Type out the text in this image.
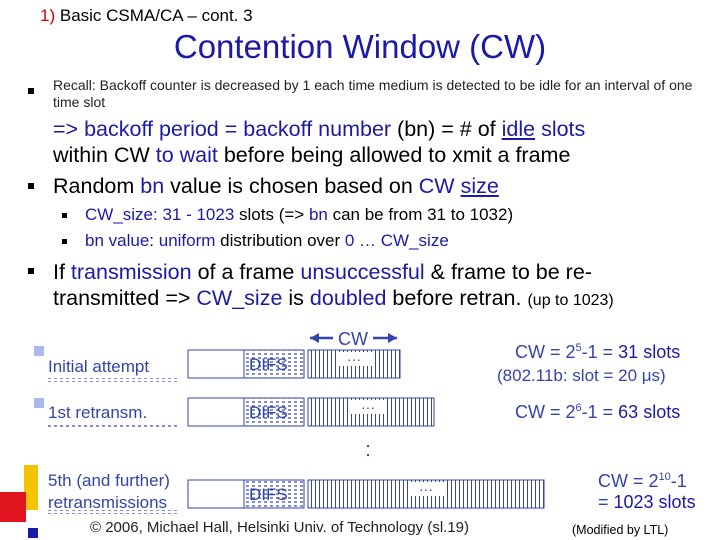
1) Basic CSMA/CA – cont. 3
Contention Window (CW)
Recall: Backoff counter is decreased by 1 each time medium is detected to be idle for an interval of one time slot
=> backoff period = backoff number (bn) = # of idle slots
within CW to wait before being allowed to xmit a frame
Random bn value is chosen based on CW size
CW_size: 31 - 1023 slots (=> bn can be from 31 to 1032)
bn value: uniform distribution over 0 … CW_size
If transmission of a frame unsuccessful & frame to be re-
transmitted => CW_size is doubled before retran. (up to 1023)
CW
Initial attempt	DIFS	···
1st retransm.	DIFS	···
:
5th (and further)
retransmissions	DIFS	···
CW = $2^5-1 = 31$ slots
(802.11b: slot = 20 μs)
CW = $2^6-1 = 63$ slots
CW = $2^{10}-1$
= 1023 slots
© 2006, Michael Hall, Helsinki Univ. of Technology (sl.19)	(Modified by LTL)
